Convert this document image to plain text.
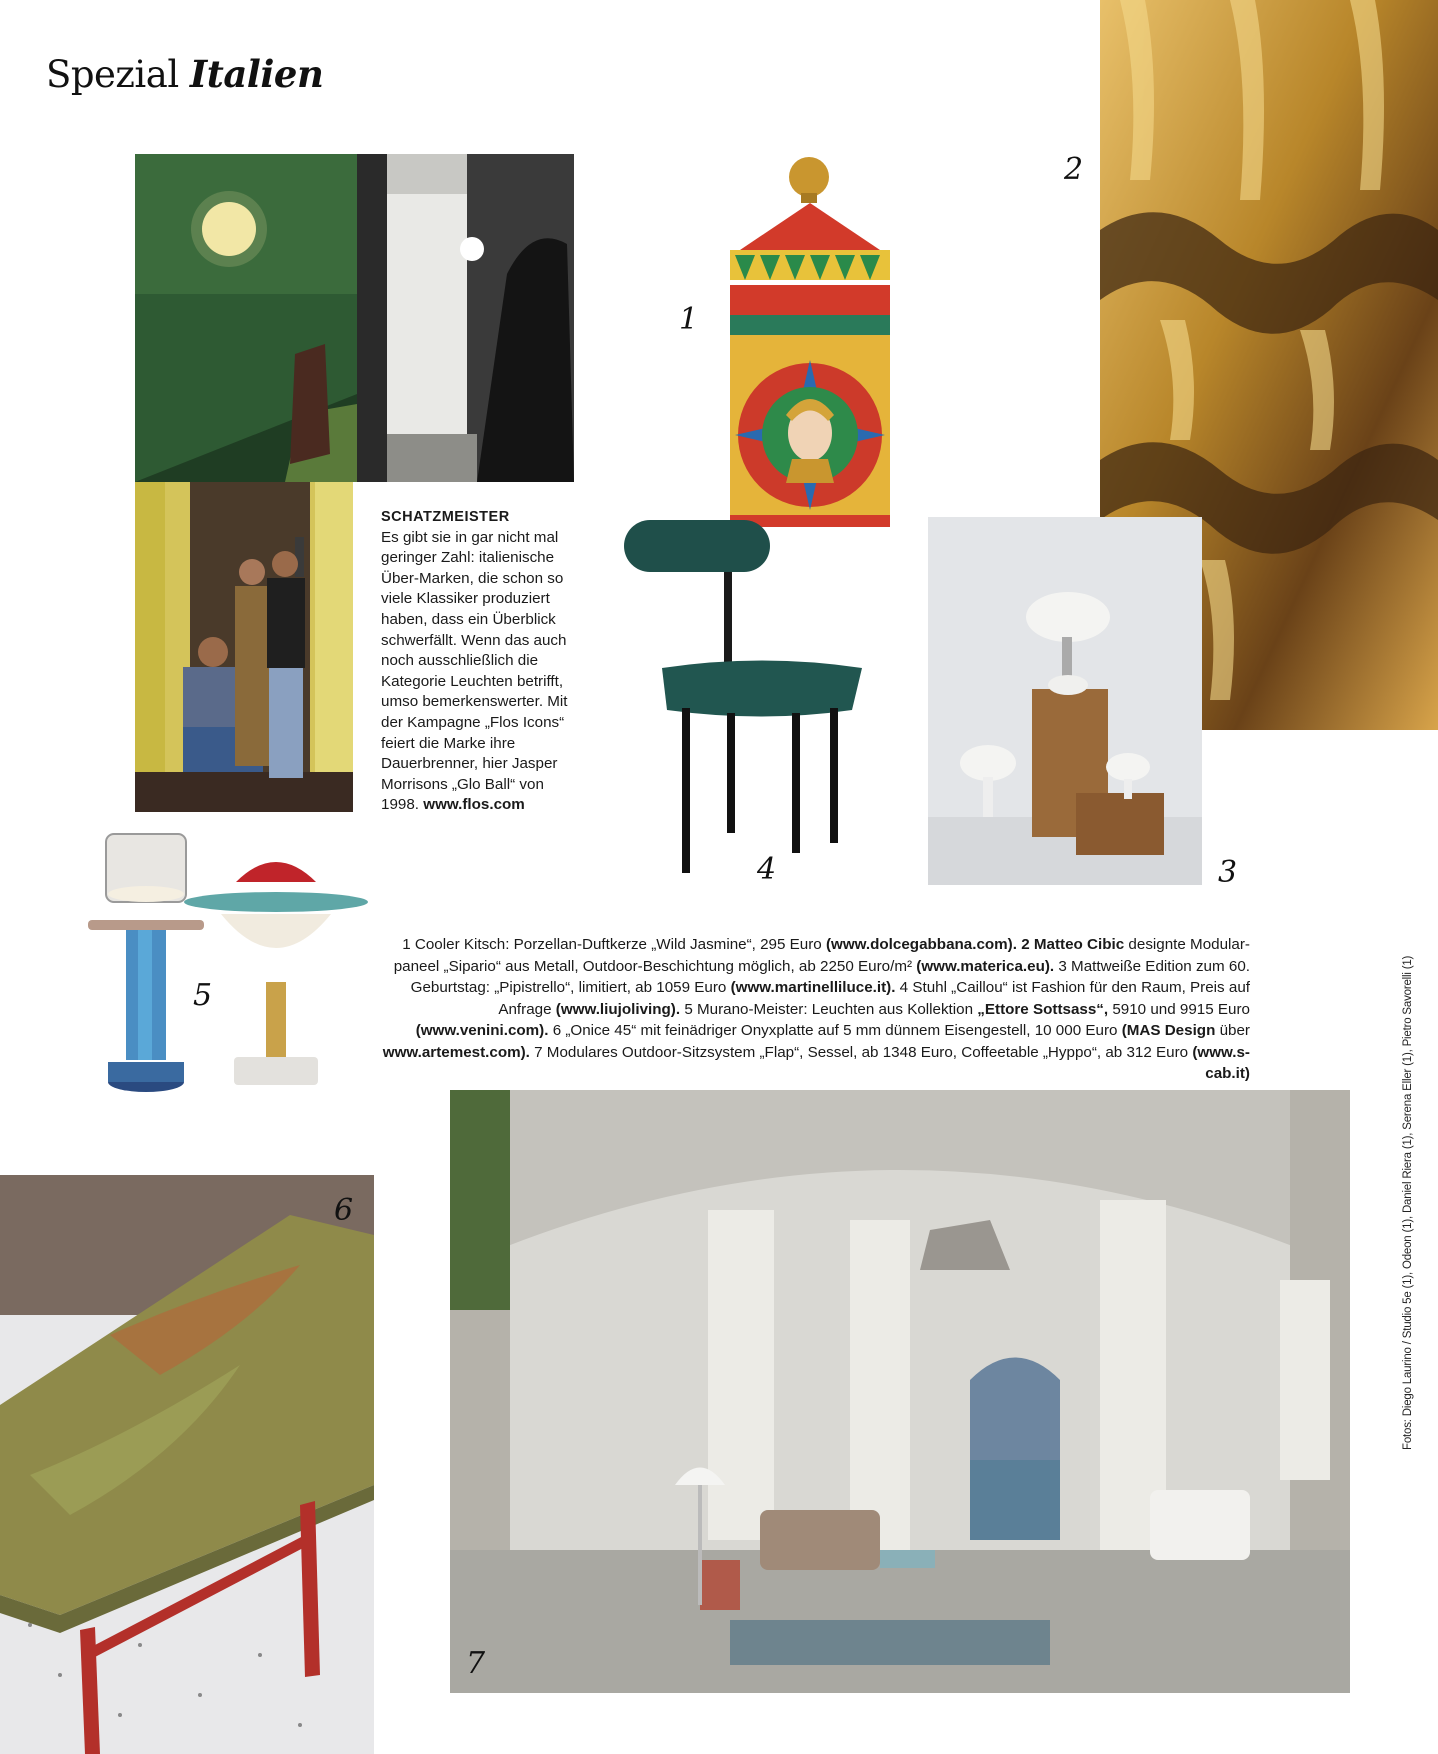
Spezial Italien
SCHATZMEISTER
Es gibt sie in gar nicht mal geringer Zahl: italienische Über-Marken, die schon so viele Klassiker produziert haben, dass ein Überblick schwerfällt. Wenn das auch noch ausschließlich die Kategorie Leuchten betrifft, umso bemerkenswerter. Mit der Kampagne „Flos Icons“ feiert die Marke ihre Dauerbrenner, hier Jasper Morrisons „Glo Ball“ von 1998. www.flos.com
1
2
4	3
5
1 Cooler Kitsch: Porzellan-Duftkerze „Wild Jasmine“, 295 Euro (www.dolcegabbana.com). 2 Matteo Cibic designte Modular-paneel „Sipario“ aus Metall, Outdoor-Beschichtung möglich, ab 2250 Euro/m² (www.materica.eu). 3 Mattweiße Edition zum 60. Geburtstag: „Pipistrello“, limitiert, ab 1059 Euro (www.martinelliluce.it). 4 Stuhl „Caillou“ ist Fashion für den Raum, Preis auf Anfrage (www.liujoliving). 5 Murano-Meister: Leuchten aus Kollektion „Ettore Sottsass“, 5910 und 9915 Euro (www.venini.com). 6 „Onice 45“ mit feinädriger Onyxplatte auf 5 mm dünnem Eisengestell, 10 000 Euro (MAS Design über www.artemest.com). 7 Modulares Outdoor-Sitzsystem „Flap“, Sessel, ab 1348 Euro, Coffeetable „Hyppo“, ab 312 Euro (www.s-cab.it)
6
7
Fotos: Diego Laurino / Studio 5e (1), Odeon (1), Daniel Riera (1), Serena Eller (1), Pietro Savorelli (1)
